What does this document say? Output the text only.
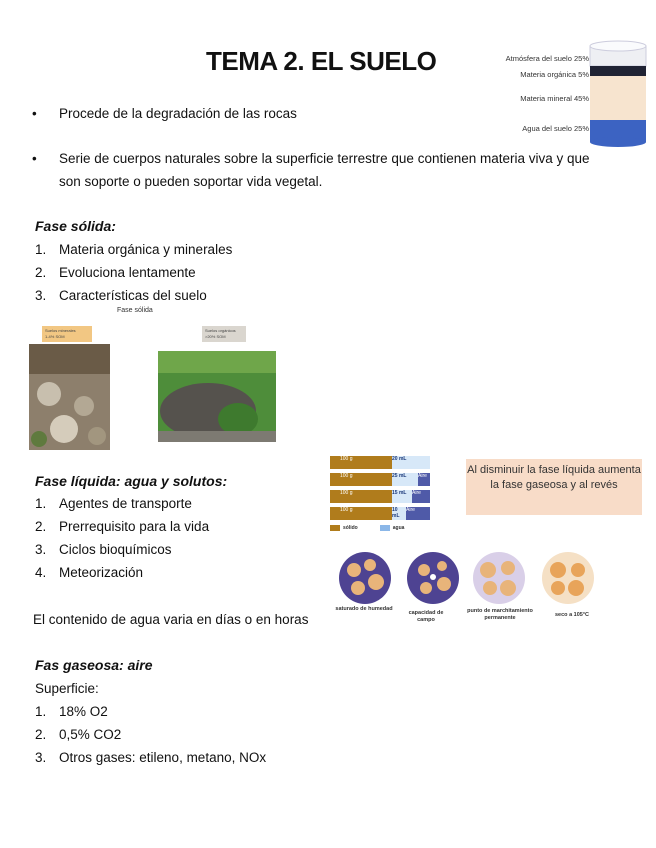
TEMA 2. EL SUELO	Atmósfera del suelo 25%
Materia orgánica 5%
Materia mineral 45%
Agua del suelo 25%
• Procede de la degradación de las rocas
• Serie de cuerpos naturales sobre la superficie terrestre que contienen materia viva y que
son soporte o pueden soportar vida vegetal.
Fase sólida:
1. Materia orgánica y minerales
2. Evoluciona lentamente
3. Características del suelo
Fase sólida
Suelos minerales
1-4% SOM
Suelos orgánicos
>20% SOM
Fase líquida: agua y solutos:
1. Agentes de transporte
2. Prerrequisito para la vida
3. Ciclos bioquímicos
4. Meteorización
El contenido de agua varia en días o en horas
100 g	20 mL
100 g	25 mL	Aire
100 g	15 mL	Aire
100 g	10 mL
Aire
sólido	agua
Al disminuir la fase líquida aumenta la fase gaseosa y al revés
saturado de humedad
capacidad de campo
punto de marchitamiento permanente	seco a 105°C
Fas gaseosa: aire
Superficie:
1. 18% O2
2. 0,5% CO2
3. Otros gases: etileno, metano, NOx
